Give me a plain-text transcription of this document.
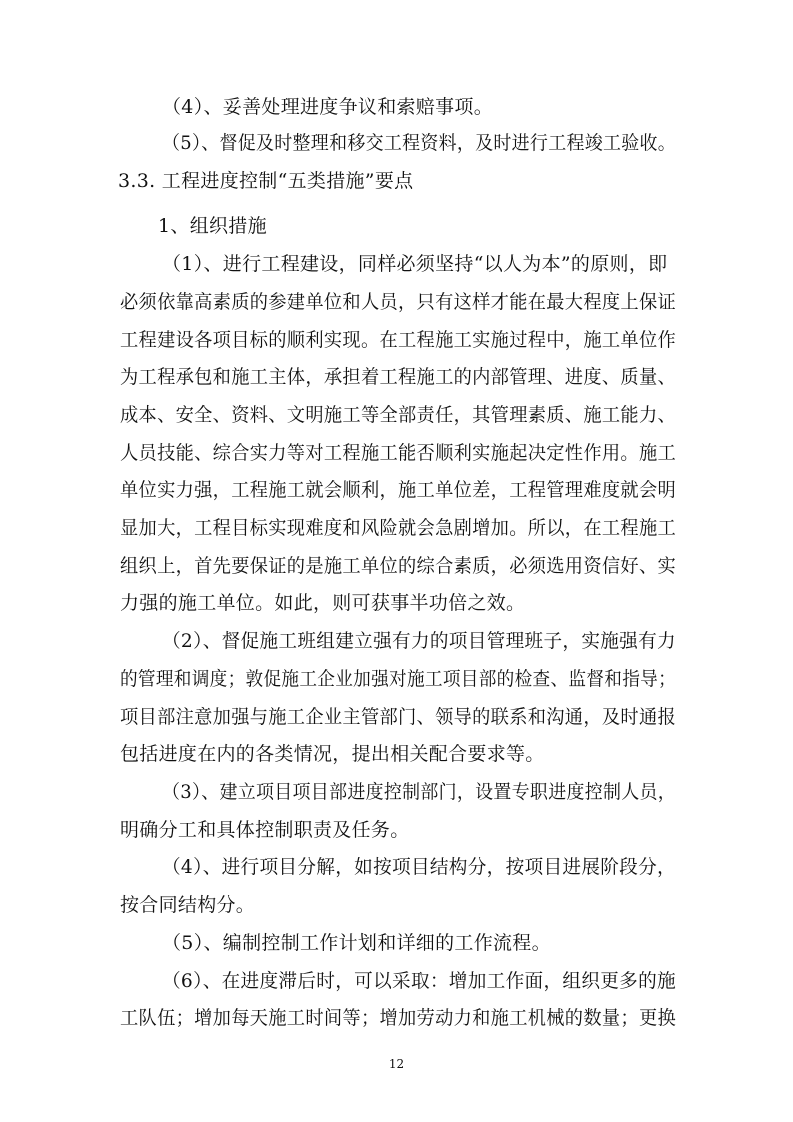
（4）、妥善处理进度争议和索赔事项。
（5）、督促及时整理和移交工程资料，及时进行工程竣工验收。
3.3. 工程进度控制“五类措施”要点
1、组织措施
（1）、进行工程建设，同样必须坚持“以人为本”的原则，即
必须依靠高素质的参建单位和人员，只有这样才能在最大程度上保证
工程建设各项目标的顺利实现。在工程施工实施过程中，施工单位作
为工程承包和施工主体，承担着工程施工的内部管理、进度、质量、
成本、安全、资料、文明施工等全部责任，其管理素质、施工能力、
人员技能、综合实力等对工程施工能否顺利实施起决定性作用。施工
单位实力强，工程施工就会顺利，施工单位差，工程管理难度就会明
显加大，工程目标实现难度和风险就会急剧增加。所以，在工程施工
组织上，首先要保证的是施工单位的综合素质，必须选用资信好、实
力强的施工单位。如此，则可获事半功倍之效。
（2）、督促施工班组建立强有力的项目管理班子，实施强有力
的管理和调度；敦促施工企业加强对施工项目部的检查、监督和指导；
项目部注意加强与施工企业主管部门、领导的联系和沟通，及时通报
包括进度在内的各类情况，提出相关配合要求等。
（3）、建立项目项目部进度控制部门，设置专职进度控制人员，
明确分工和具体控制职责及任务。
（4）、进行项目分解，如按项目结构分，按项目进展阶段分，
按合同结构分。
（5）、编制控制工作计划和详细的工作流程。
（6）、在进度滞后时，可以采取：增加工作面，组织更多的施
工队伍；增加每天施工时间等；增加劳动力和施工机械的数量；更换
12
